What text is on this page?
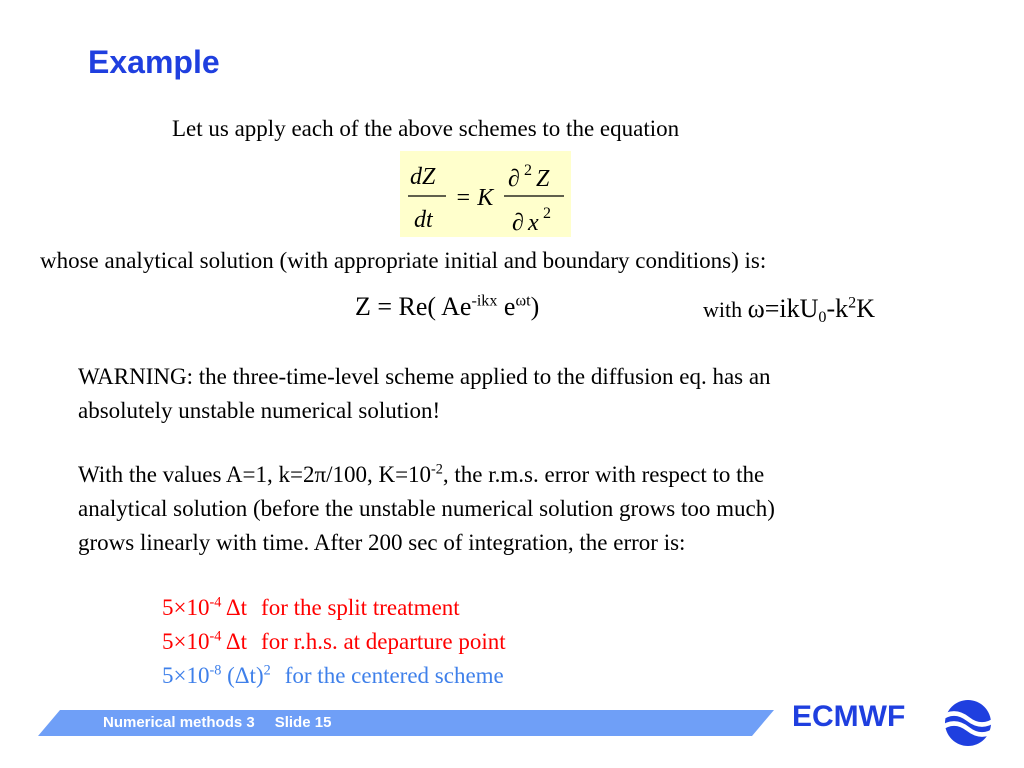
Example
Let us apply each of the above schemes to the equation
dZ
dt
= K
∂ 2 Z
∂ x 2
whose analytical solution (with appropriate initial and boundary conditions) is:
Z = Re( $Ae^{-ikx}$ $e^{\omega t}$)	with $\omega=ikU_0-k^2K$
WARNING: the three-time-level scheme applied to the diffusion eq. has an
absolutely unstable numerical solution!
With the values A=1, k=2π/100, $K=10^{-2}$, the r.m.s. error with respect to the
analytical solution (before the unstable numerical solution grows too much)
grows linearly with time. After 200 sec of integration, the error is:
$5\times 10^{-4}$ Δt for the split treatment
$5\times 10^{-4}$ Δt for r.h.s. at departure point
$5\times 10^{-8}$ $(\Delta t)^2$ for the centered scheme
Numerical methods 3 Slide 15	ECMWF
